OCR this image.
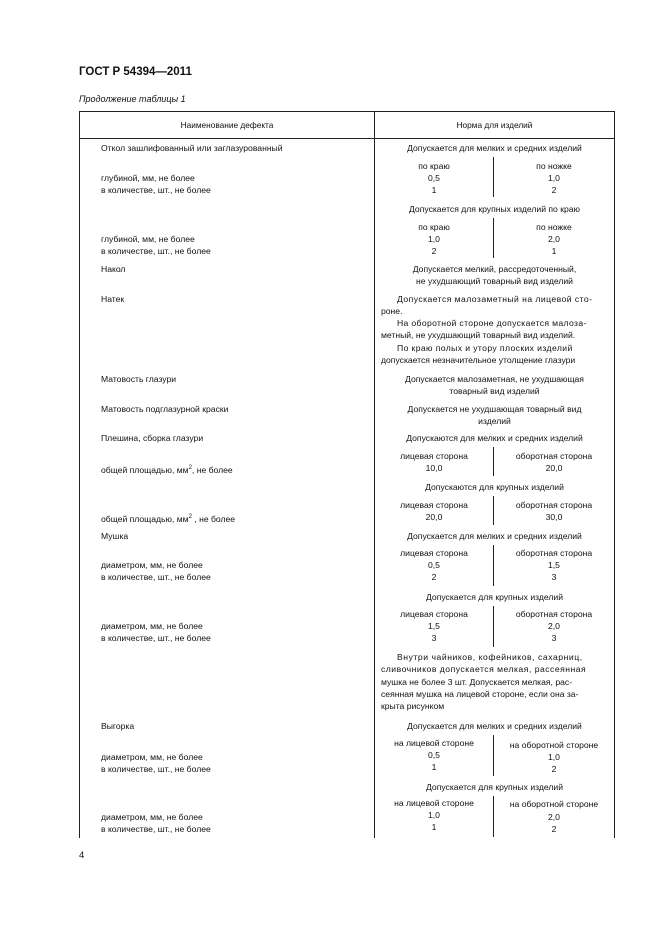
ГОСТ Р 54394—2011
Продолжение таблицы 1
4
Наименование дефекта	Норма для изделий
Откол зашлифованный или заглазурованный	Допускается для мелких и средних изделий
по краю	по ножке
глубиной, мм, не более	0,5	1,0
в количестве, шт., не более	1	2
Допускается для крупных изделий по краю
по краю	по ножке
глубиной, мм, не более	1,0	2,0
в количестве, шт., не более	2	1
Накол	Допускается мелкий, рассредоточенный,
не ухудшающий товарный вид изделий
Натек	Допускается малозаметный на лицевой сто-
роне.
На оборотной стороне допускается малоза-
метный, не ухудшающий товарный вид изделий.
По краю полых и утору плоских изделий
допускается незначительное утолщение глазури
Матовость глазури	Допускается малозаметная, не ухудшающая
товарный вид изделий
Матовость подглазурной краски	Допускается не ухудшающая товарный вид
изделий
Плешина, сборка глазури	Допускаются для мелких и средних изделий
лицевая сторона	оборотная сторона
общей площадью, $мм^2$, не более	10,0	20,0
Допускаются для крупных изделий
лицевая сторона	оборотная сторона
общей площадью, $мм^2$ , не более	20,0	30,0
Мушка	Допускается для мелких и средних изделий
лицевая сторона	оборотная сторона
диаметром, мм, не более	0,5	1,5
в количестве, шт., не более	2	3
Допускается для крупных изделий
лицевая сторона	оборотная сторона
диаметром, мм, не более	1,5	2,0
в количестве, шт., не более	3	3
Внутри чайников, кофейников, сахарниц,
сливочников допускается мелкая, рассеянная
мушка не более 3 шт. Допускается мелкая, рас-
сеянная мушка на лицевой стороне, если она за-
крыта рисунком
Выгорка	Допускается для мелких и средних изделий
на лицевой стороне	на оборотной стороне
диаметром, мм, не более	0,5	1,0
в количестве, шт., не более	1	2
Допускается для крупных изделий
на лицевой стороне	на оборотной стороне
диаметром, мм, не более	1,0	2,0
в количестве, шт., не более	1	2
